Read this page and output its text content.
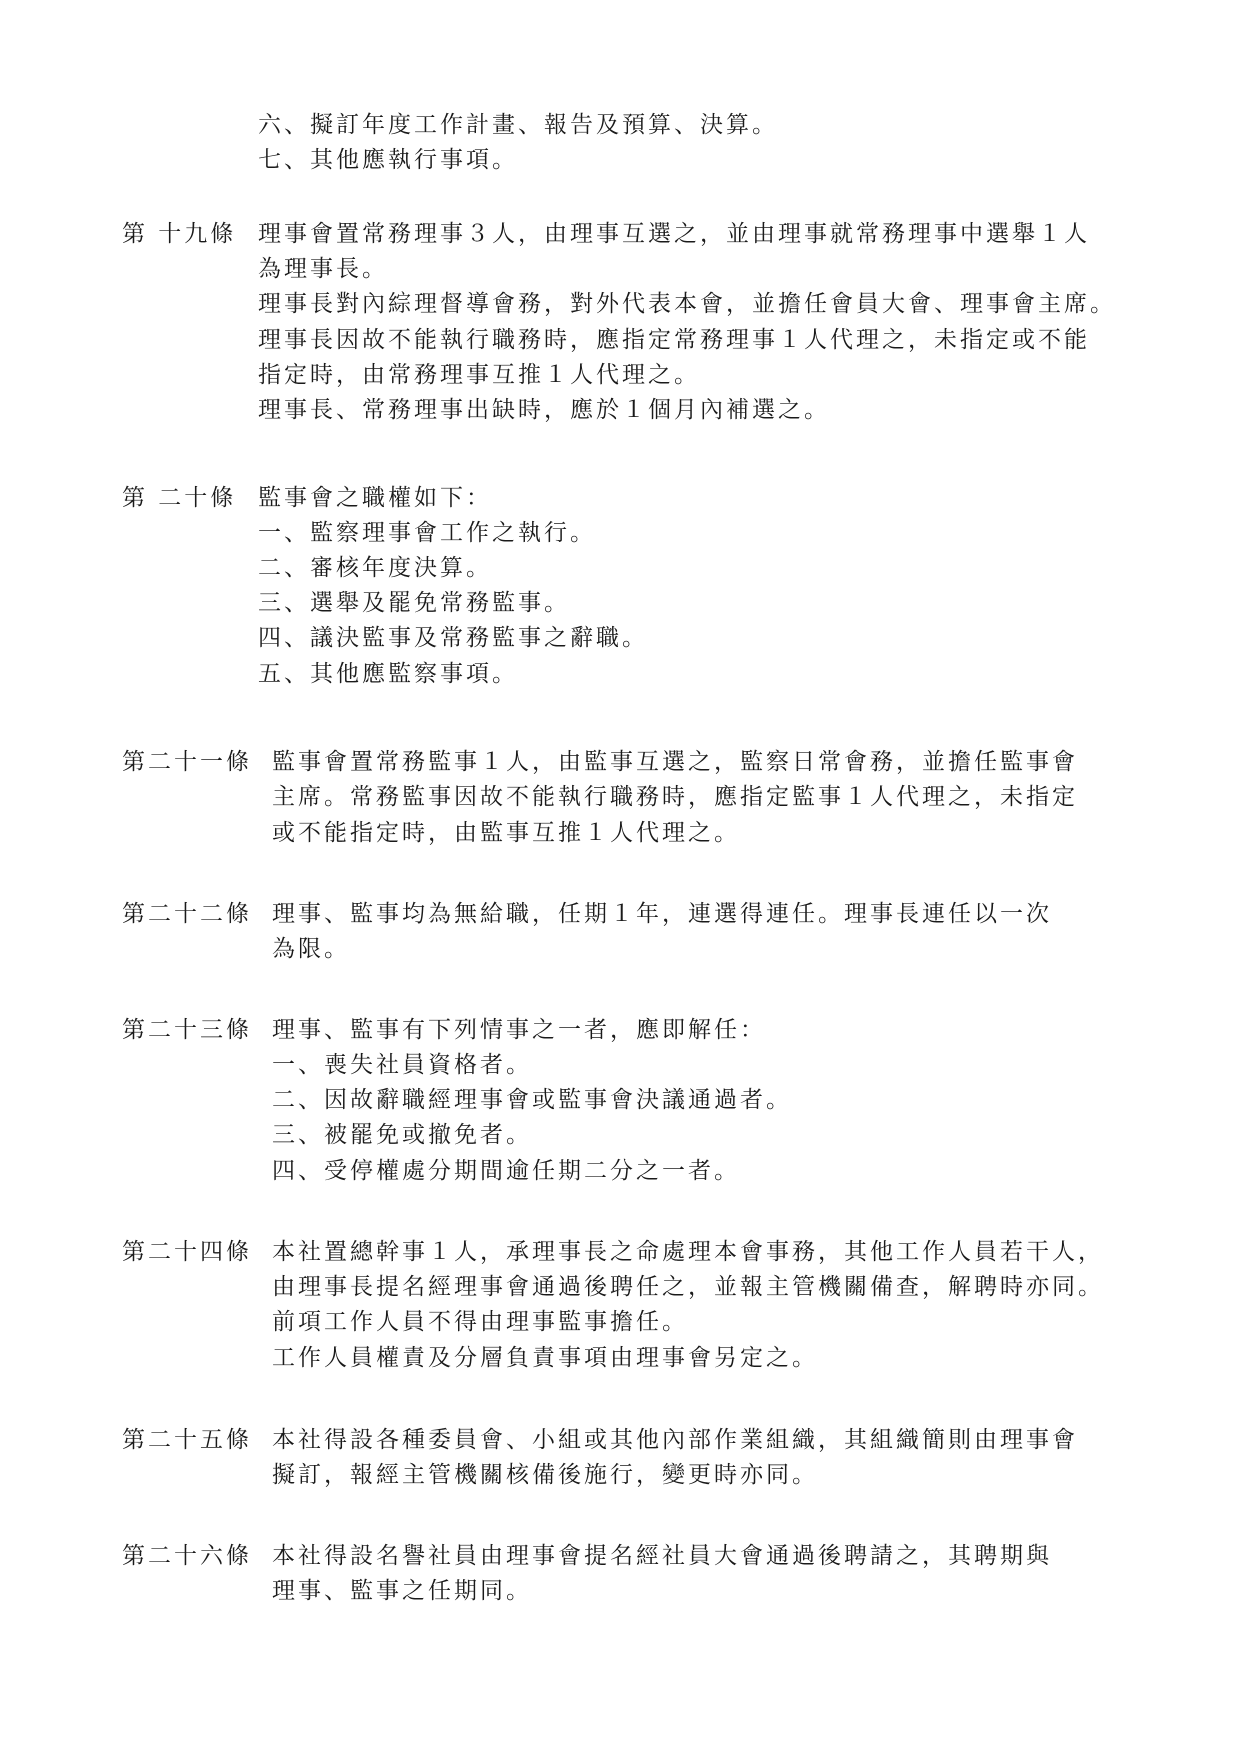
六、擬訂年度工作計畫、報告及預算、決算。
七、其他應執行事項。
第 十九條 理事會置常務理事３人，由理事互選之，並由理事就常務理事中選舉１人
為理事長。
理事長對內綜理督導會務，對外代表本會，並擔任會員大會、理事會主席。
理事長因故不能執行職務時，應指定常務理事１人代理之，未指定或不能
指定時，由常務理事互推１人代理之。
理事長、常務理事出缺時，應於１個月內補選之。
第 二十條 監事會之職權如下：
一、監察理事會工作之執行。
二、審核年度決算。
三、選舉及罷免常務監事。
四、議決監事及常務監事之辭職。
五、其他應監察事項。
第二十一條 監事會置常務監事１人，由監事互選之，監察日常會務，並擔任監事會
主席。常務監事因故不能執行職務時，應指定監事１人代理之，未指定
或不能指定時，由監事互推１人代理之。
第二十二條 理事、監事均為無給職，任期１年，連選得連任。理事長連任以一次
為限。
第二十三條 理事、監事有下列情事之一者，應即解任：
一、喪失社員資格者。
二、因故辭職經理事會或監事會決議通過者。
三、被罷免或撤免者。
四、受停權處分期間逾任期二分之一者。
第二十四條 本社置總幹事１人，承理事長之命處理本會事務，其他工作人員若干人，
由理事長提名經理事會通過後聘任之，並報主管機關備查，解聘時亦同。
前項工作人員不得由理事監事擔任。
工作人員權責及分層負責事項由理事會另定之。
第二十五條 本社得設各種委員會、小組或其他內部作業組織，其組織簡則由理事會
擬訂，報經主管機關核備後施行，變更時亦同。
第二十六條 本社得設名譽社員由理事會提名經社員大會通過後聘請之，其聘期與
理事、監事之任期同。
